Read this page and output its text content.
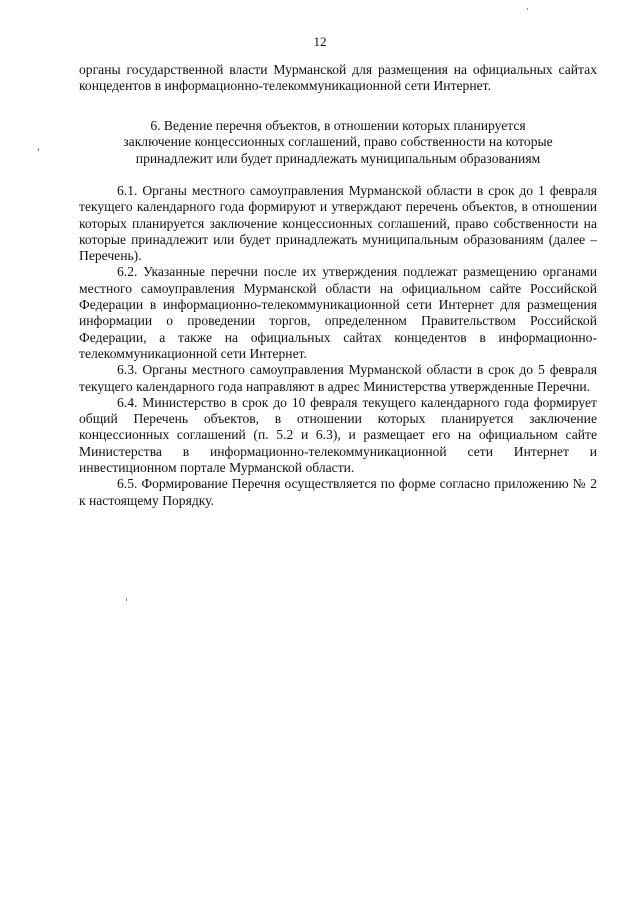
12

органы государственной власти Мурманской для размещения на официальных сайтах концедентов в информационно-телекоммуникационной сети Интернет.

6. Ведение перечня объектов, в отношении которых планируется
заключение концессионных соглашений, право собственности на которые
принадлежит или будет принадлежать муниципальным образованиям

6.1. Органы местного самоуправления Мурманской области в срок до 1 февраля текущего календарного года формируют и утверждают перечень объектов, в отношении которых планируется заключение концессионных соглашений, право собственности на которые принадлежит или будет принадлежать муниципальным образованиям (далее – Перечень).

6.2. Указанные перечни после их утверждения подлежат размещению органами местного самоуправления Мурманской области на официальном сайте Российской Федерации в информационно-телекоммуникационной сети Интернет для размещения информации о проведении торгов, определенном Правительством Российской Федерации, а также на официальных сайтах концедентов в информационно-телекоммуникационной сети Интернет.

6.3. Органы местного самоуправления Мурманской области в срок до 5 февраля текущего календарного года направляют в адрес Министерства утвержденные Перечни.

6.4. Министерство в срок до 10 февраля текущего календарного года формирует общий Перечень объектов, в отношении которых планируется заключение концессионных соглашений (п. 5.2 и 6.3), и размещает его на официальном сайте Министерства в информационно-телекоммуникационной сети Интернет и инвестиционном портале Мурманской области.

6.5. Формирование Перечня осуществляется по форме согласно приложению № 2 к настоящему Порядку.
